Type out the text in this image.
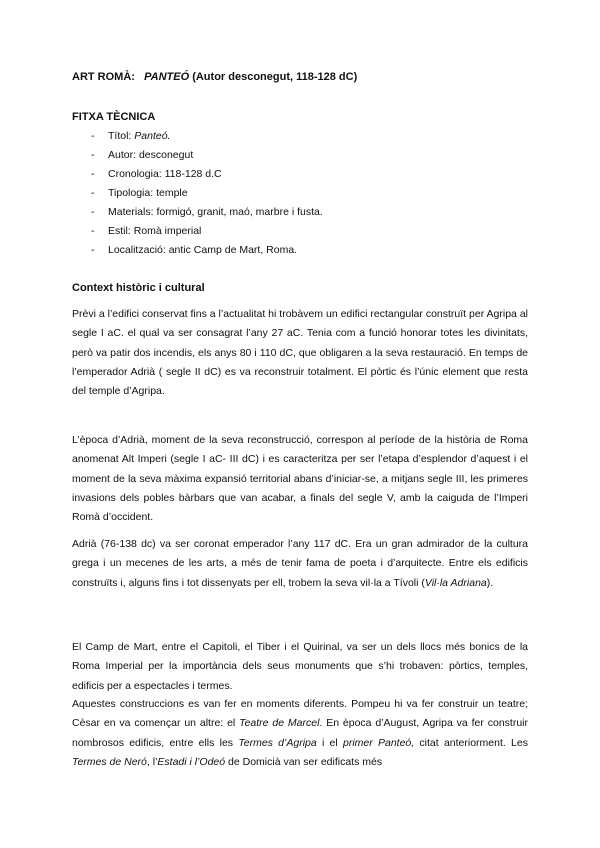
ART ROMÀ: PANTEÓ (Autor desconegut, 118-128 dC)
FITXA TÈCNICA
- Títol: Panteó.
- Autor: desconegut
- Cronologia: 118-128 d.C
- Tipologia: temple
- Materials: formigó, granit, maó, marbre i fusta.
- Estil: Romà imperial
- Localització: antic Camp de Mart, Roma.
Context històric i cultural

Prèvi a l’edifici conservat fins a l’actualitat hi trobàvem un edifici rectangular construït per Agripa al segle I aC. el qual va ser consagrat l’any 27 aC. Tenia com a funció honorar totes les divinitats, però va patir dos incendis, els anys 80 i 110 dC, que obligaren a la seva restauració. En temps de l’emperador Adrià ( segle II dC) es va reconstruir totalment. El pòrtic és l’únic element que resta del temple d’Agripa.

L’època d’Adrià, moment de la seva reconstrucció, correspon al període de la història de Roma anomenat Alt Imperi (segle I aC- III dC) i es caracteritza per ser l’etapa d’esplendor d’aquest i el moment de la seva màxima expansió territorial abans d’iniciar-se, a mitjans segle III, les primeres invasions dels pobles bàrbars que van acabar, a finals del segle V, amb la caiguda de l’Imperi Romà d’occident.

Adrià (76-138 dc) va ser coronat emperador l’any 117 dC. Era un gran admirador de la cultura grega i un mecenes de les arts, a més de tenir fama de poeta i d’arquitecte. Entre els edificis construïts i, alguns fins i tot dissenyats per ell, trobem la seva vil·la a Tívoli (Vil·la Adriana).

El Camp de Mart, entre el Capitoli, el Tiber i el Quirinal, va ser un dels llocs més bonics de la Roma Imperial per la importància dels seus monuments que s’hi trobaven: pòrtics, temples, edificis per a espectacles i termes.

Aquestes construccions es van fer en moments diferents. Pompeu hi va fer construir un teatre; Cèsar en va començar un altre: el Teatre de Marcel. En època d’August, Agripa va fer construir nombrosos edificis, entre ells les Termes d’Agripa i el primer Panteó, citat anteriorment. Les Termes de Neró, l’Estadi i l’Odeó de Domicià van ser edificats més
